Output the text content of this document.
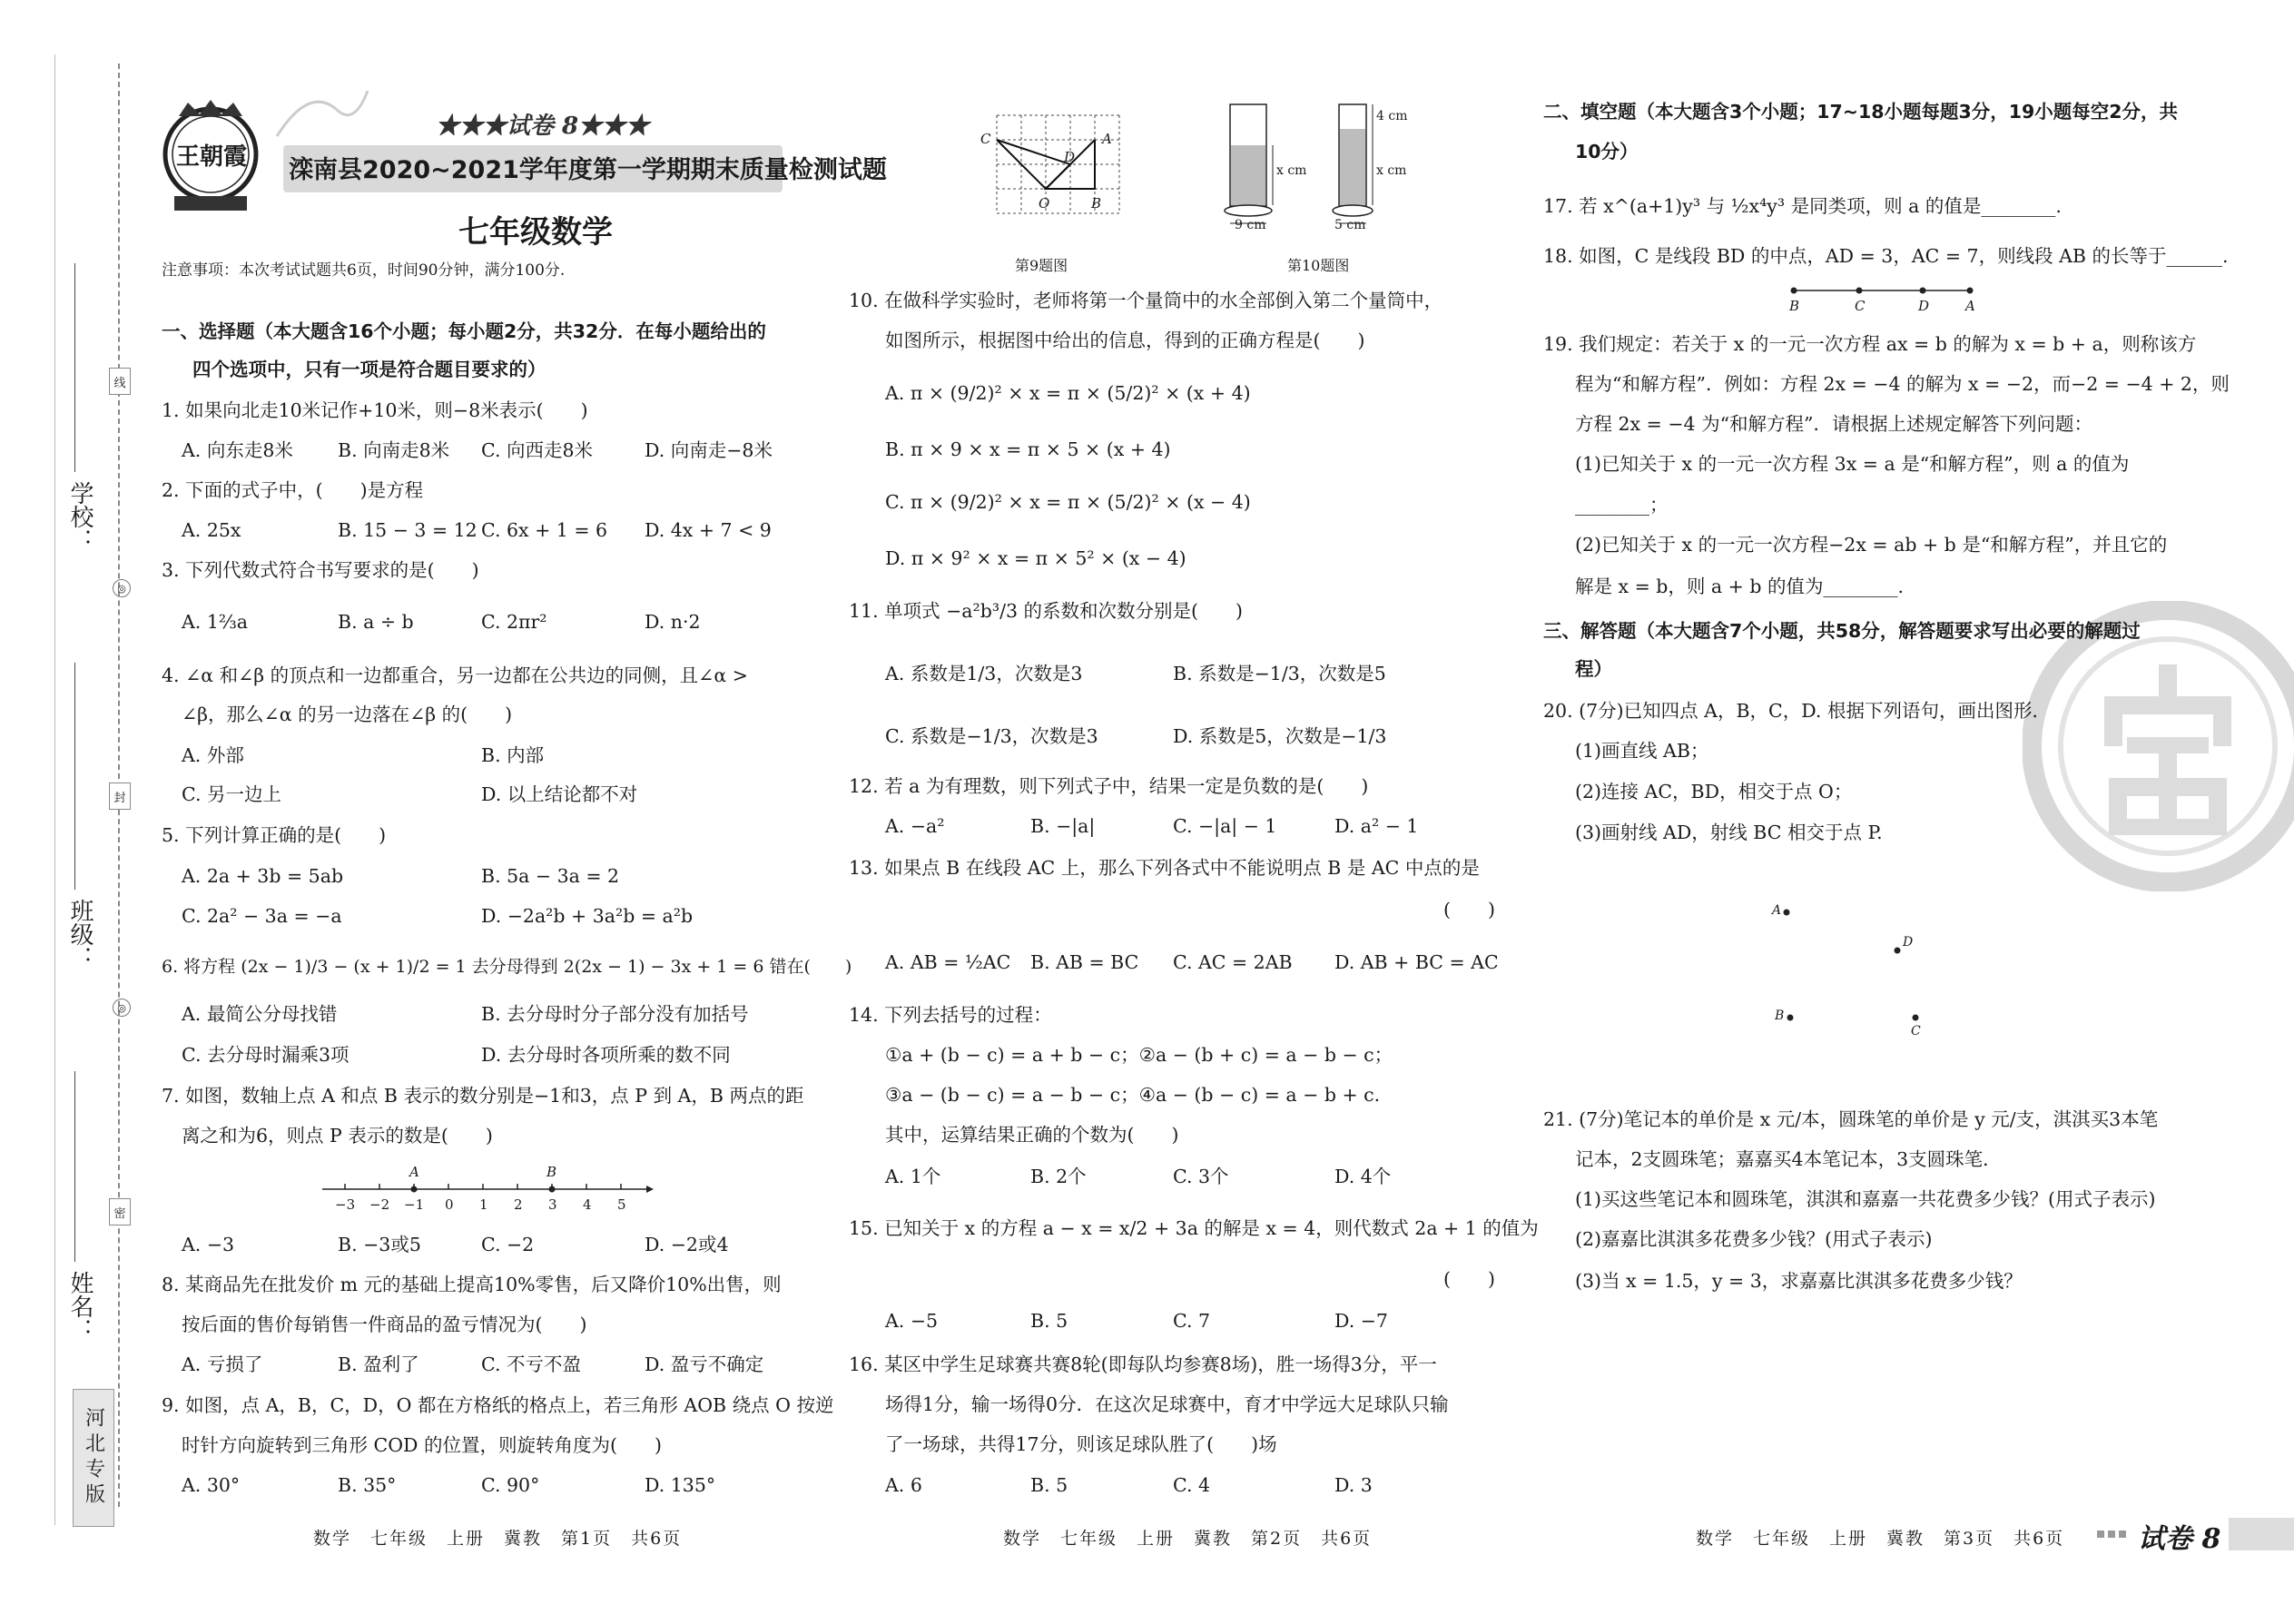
学校：
班级：
姓名：
线
封
密
◎
◎
河北专版
王朝霞
★★★试卷 8★★★
滦南县2020~2021学年度第一学期期末质量检测试题
七年级数学
注意事项：本次考试试题共6页，时间90分钟，满分100分.
一、选择题（本大题含16个小题；每小题2分，共32分．在每小题给出的
四个选项中，只有一项是符合题目要求的）
1. 如果向北走10米记作+10米，则−8米表示(　　)
A. 向东走8米 B. 向南走8米 C. 向西走8米	D. 向南走−8米
2. 下面的式子中，(　　)是方程
A. 25x	B. 15 − 3 = 12 C. 6x + 1 = 6 D. 4x + 7 < 9
3. 下列代数式符合书写要求的是(　　)
A. 1⅔a	B. a ÷ b	C. 2πr²	D. n·2
4. ∠α 和∠β 的顶点和一边都重合，另一边都在公共边的同侧，且∠α >
∠β，那么∠α 的另一边落在∠β 的(　　)
A. 外部	B. 内部
C. 另一边上	D. 以上结论都不对
5. 下列计算正确的是(　　)
A. 2a + 3b = 5ab	B. 5a − 3a = 2
C. 2a² − 3a = −a	D. −2a²b + 3a²b = a²b
6. 将方程 (2x − 1)/3 − (x + 1)/2 = 1 去分母得到 2(2x − 1) − 3x + 1 = 6 错在(　　)
A. 最简公分母找错	B. 去分母时分子部分没有加括号
C. 去分母时漏乘3项	D. 去分母时各项所乘的数不同
7. 如图，数轴上点 A 和点 B 表示的数分别是−1和3，点 P 到 A，B 两点的距
离之和为6，则点 P 表示的数是(　　)
A	B
−3 −2 −1 0 1 2 3 4 5
A. −3	B. −3或5	C. −2	D. −2或4
8. 某商品先在批发价 m 元的基础上提高10%零售，后又降价10%出售，则
按后面的售价每销售一件商品的盈亏情况为(　　)
A. 亏损了	B. 盈利了	C. 不亏不盈	D. 盈亏不确定
9. 如图，点 A，B，C，D，O 都在方格纸的格点上，若三角形 AOB 绕点 O 按逆
时针方向旋转到三角形 COD 的位置，则旋转角度为(　　)
A. 30°	B. 35°	C. 90°	D. 135°
数学　七年级　上册　冀教　第1页　共6页
C	A
D
O	B
第9题图
x cm
9 cm
4 cm
x cm
5 cm
第10题图
10. 在做科学实验时，老师将第一个量筒中的水全部倒入第二个量筒中，
如图所示，根据图中给出的信息，得到的正确方程是(　　)
A. π × (9/2)² × x = π × (5/2)² × (x + 4)
B. π × 9 × x = π × 5 × (x + 4)
C. π × (9/2)² × x = π × (5/2)² × (x − 4)
D. π × 9² × x = π × 5² × (x − 4)
11. 单项式 −a²b³/3 的系数和次数分别是(　　)
A. 系数是1/3，次数是3	B. 系数是−1/3，次数是5
C. 系数是−1/3，次数是3	D. 系数是5，次数是−1/3
12. 若 a 为有理数，则下列式子中，结果一定是负数的是(　　)
A. −a²	B. −|a|	C. −|a| − 1	D. a² − 1
13. 如果点 B 在线段 AC 上，那么下列各式中不能说明点 B 是 AC 中点的是
(　　)
A. AB = ½AC B. AB = BC C. AC = 2AB D. AB + BC = AC
14. 下列去括号的过程：
①a + (b − c) = a + b − c；②a − (b + c) = a − b − c；
③a − (b − c) = a − b − c；④a − (b − c) = a − b + c.
其中，运算结果正确的个数为(　　)
A. 1个	B. 2个	C. 3个	D. 4个
15. 已知关于 x 的方程 a − x = x/2 + 3a 的解是 x = 4，则代数式 2a + 1 的值为
(　　)
A. −5	B. 5	C. 7	D. −7
16. 某区中学生足球赛共赛8轮(即每队均参赛8场)，胜一场得3分，平一
场得1分，输一场得0分．在这次足球赛中，育才中学远大足球队只输
了一场球，共得17分，则该足球队胜了(　　)场
A. 6	B. 5	C. 4	D. 3
数学　七年级　上册　冀教　第2页　共6页
二、填空题（本大题含3个小题；17~18小题每题3分，19小题每空2分，共
10分）
17. 若 x^(a+1)y³ 与 ½x⁴y³ 是同类项，则 a 的值是________.
18. 如图，C 是线段 BD 的中点，AD = 3，AC = 7，则线段 AB 的长等于______.
B	C	D	A
19. 我们规定：若关于 x 的一元一次方程 ax = b 的解为 x = b + a，则称该方
程为“和解方程”．例如：方程 2x = −4 的解为 x = −2，而−2 = −4 + 2，则
方程 2x = −4 为“和解方程”．请根据上述规定解答下列问题：
(1)已知关于 x 的一元一次方程 3x = a 是“和解方程”，则 a 的值为
________；
(2)已知关于 x 的一元一次方程−2x = ab + b 是“和解方程”，并且它的
解是 x = b，则 a + b 的值为________.
三、解答题（本大题含7个小题，共58分，解答题要求写出必要的解题过
程）
20. (7分)已知四点 A，B，C，D. 根据下列语句，画出图形．
(1)画直线 AB；
(2)连接 AC，BD，相交于点 O；
(3)画射线 AD，射线 BC 相交于点 P.
A
D
B
C
21. (7分)笔记本的单价是 x 元/本，圆珠笔的单价是 y 元/支，淇淇买3本笔
记本，2支圆珠笔；嘉嘉买4本笔记本，3支圆珠笔．
(1)买这些笔记本和圆珠笔，淇淇和嘉嘉一共花费多少钱？(用式子表示)
(2)嘉嘉比淇淇多花费多少钱？(用式子表示)
(3)当 x = 1.5，y = 3，求嘉嘉比淇淇多花费多少钱？
数学　七年级　上册　冀教　第3页　共6页	试卷 8
